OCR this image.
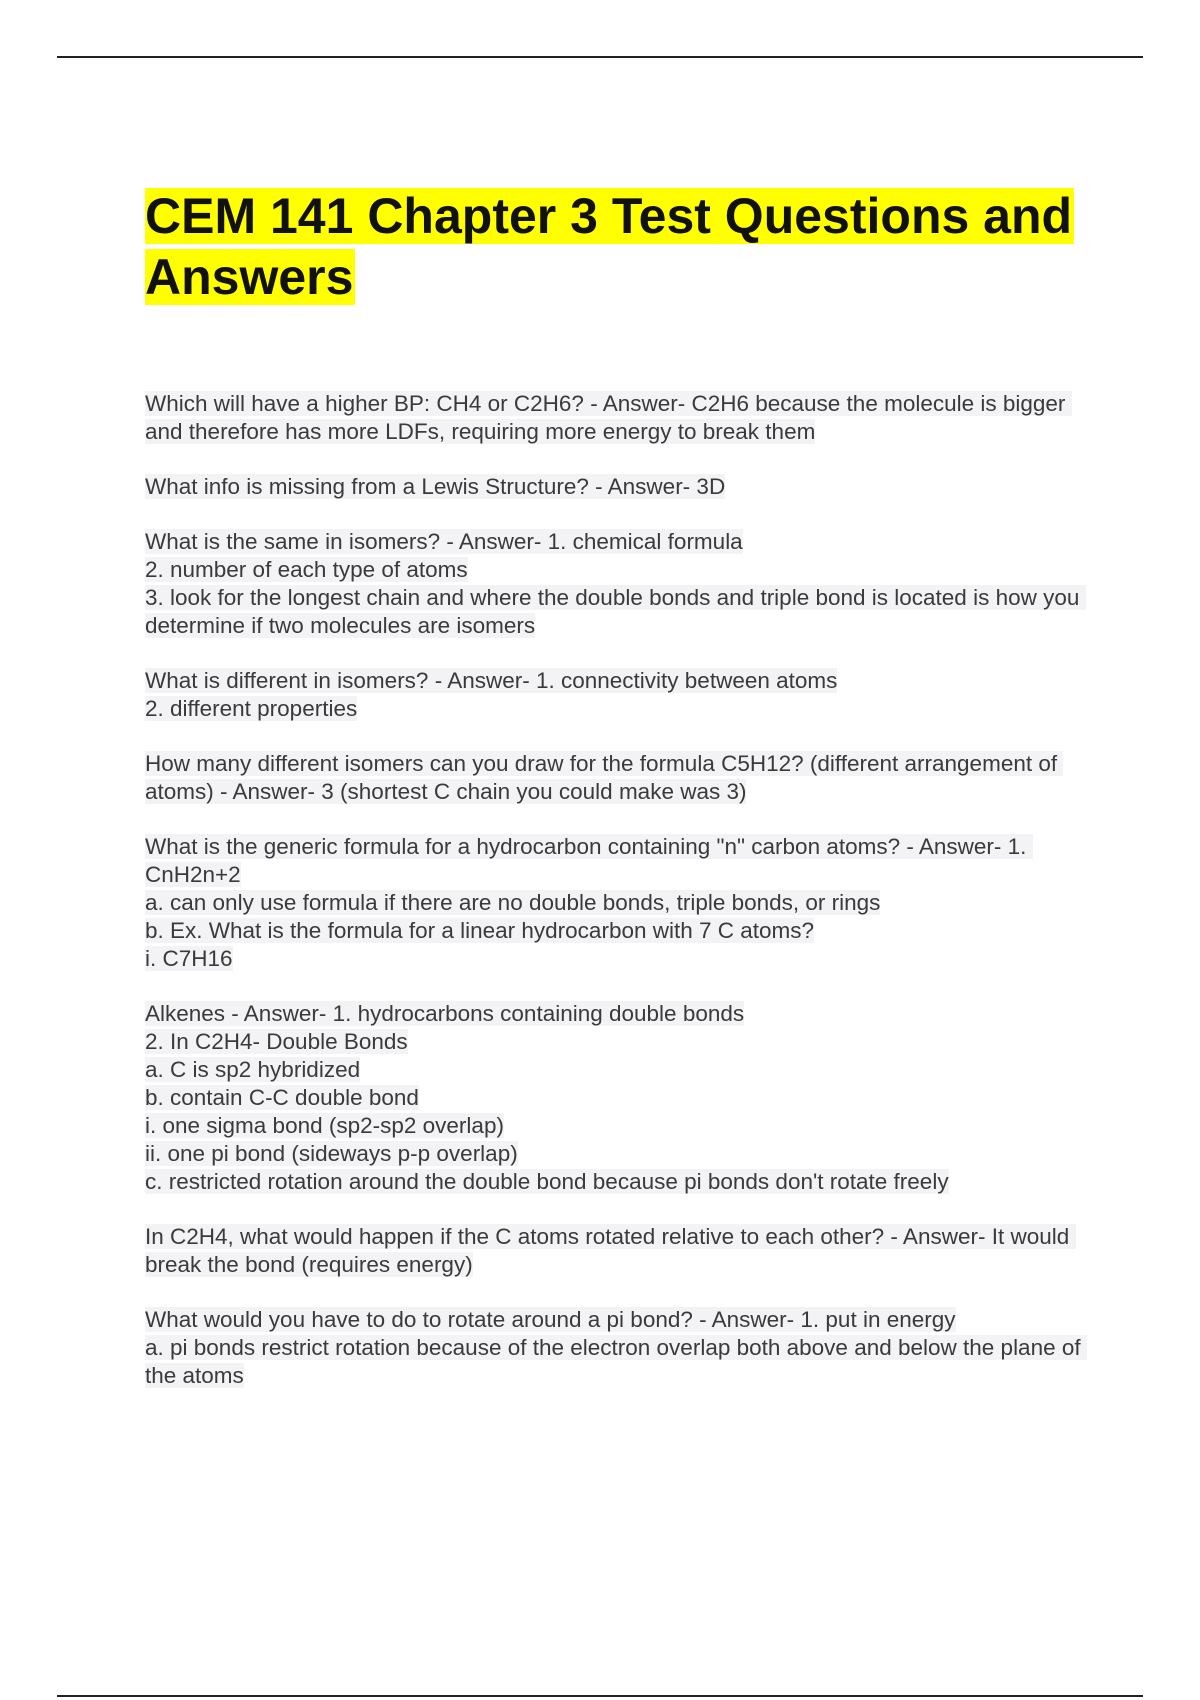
CEM 141 Chapter 3 Test Questions and Answers

Which will have a higher BP: CH4 or C2H6? - Answer- C2H6 because the molecule is bigger and therefore has more LDFs, requiring more energy to break them

What info is missing from a Lewis Structure? - Answer- 3D

What is the same in isomers? - Answer- 1. chemical formula
2. number of each type of atoms
3. look for the longest chain and where the double bonds and triple bond is located is how you determine if two molecules are isomers

What is different in isomers? - Answer- 1. connectivity between atoms
2. different properties

How many different isomers can you draw for the formula C5H12? (different arrangement of atoms) - Answer- 3 (shortest C chain you could make was 3)

What is the generic formula for a hydrocarbon containing "n" carbon atoms? - Answer- 1. CnH2n+2
a. can only use formula if there are no double bonds, triple bonds, or rings
b. Ex. What is the formula for a linear hydrocarbon with 7 C atoms?
i. C7H16

Alkenes - Answer- 1. hydrocarbons containing double bonds
2. In C2H4- Double Bonds
a. C is sp2 hybridized
b. contain C-C double bond
i. one sigma bond (sp2-sp2 overlap)
ii. one pi bond (sideways p-p overlap)
c. restricted rotation around the double bond because pi bonds don't rotate freely

In C2H4, what would happen if the C atoms rotated relative to each other? - Answer- It would break the bond (requires energy)

What would you have to do to rotate around a pi bond? - Answer- 1. put in energy
a. pi bonds restrict rotation because of the electron overlap both above and below the plane of the atoms
